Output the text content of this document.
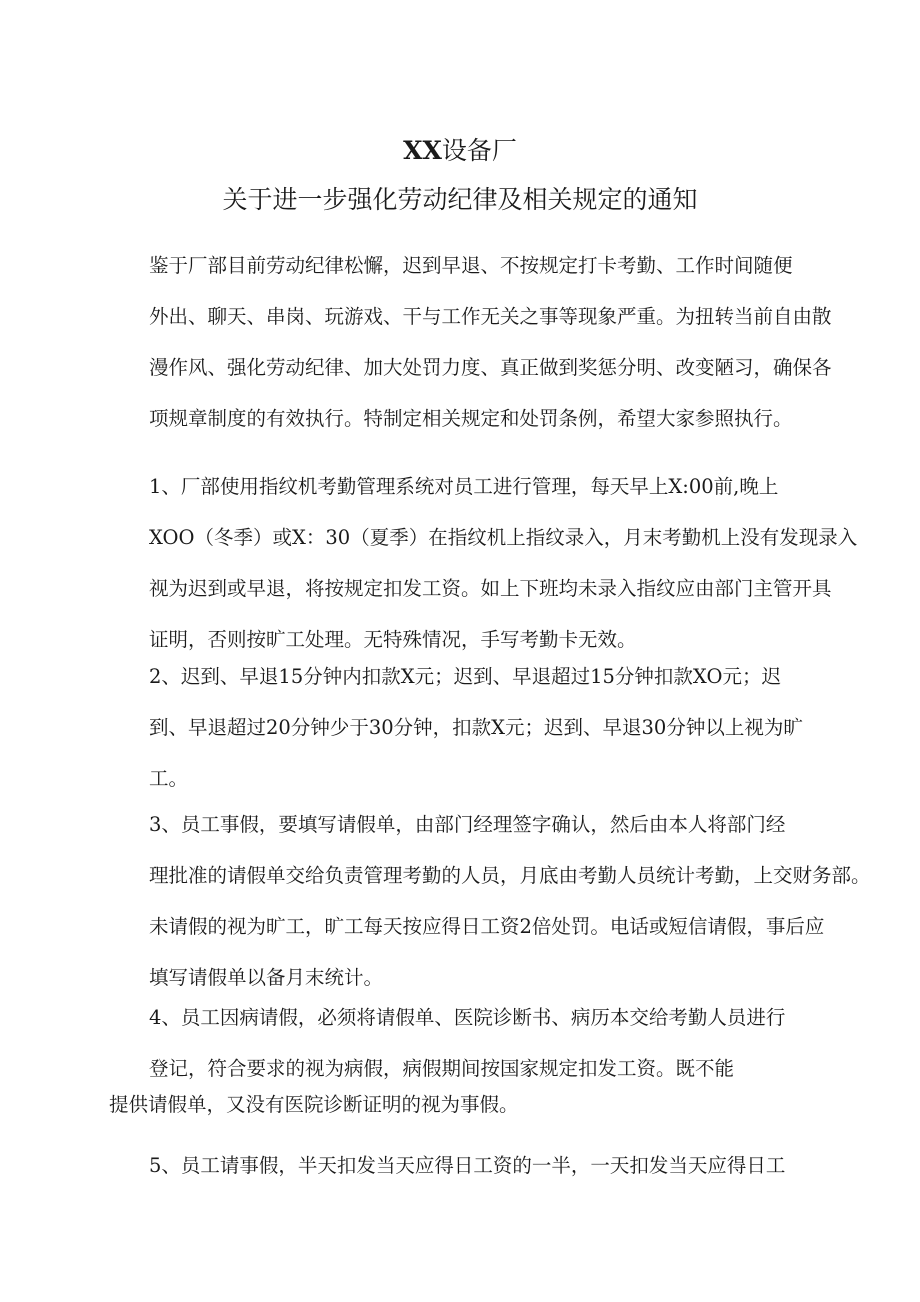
XX设备厂
关于进一步强化劳动纪律及相关规定的通知

鉴于厂部目前劳动纪律松懈，迟到早退、不按规定打卡考勤、工作时间随便
外出、聊天、串岗、玩游戏、干与工作无关之事等现象严重。为扭转当前自由散
漫作风、强化劳动纪律、加大处罚力度、真正做到奖惩分明、改变陋习，确保各
项规章制度的有效执行。特制定相关规定和处罚条例，希望大家参照执行。

1、厂部使用指纹机考勤管理系统对员工进行管理，每天早上X:00前,晚上
XOO（冬季）或X：30（夏季）在指纹机上指纹录入，月末考勤机上没有发现录入
视为迟到或早退，将按规定扣发工资。如上下班均未录入指纹应由部门主管开具
证明，否则按旷工处理。无特殊情况，手写考勤卡无效。

2、迟到、早退15分钟内扣款X元；迟到、早退超过15分钟扣款XO元；迟
到、早退超过20分钟少于30分钟，扣款X元；迟到、早退30分钟以上视为旷
工。

3、员工事假，要填写请假单，由部门经理签字确认，然后由本人将部门经
理批准的请假单交给负责管理考勤的人员，月底由考勤人员统计考勤，上交财务部。
未请假的视为旷工，旷工每天按应得日工资2倍处罚。电话或短信请假，事后应
填写请假单以备月末统计。

4、员工因病请假，必须将请假单、医院诊断书、病历本交给考勤人员进行
登记，符合要求的视为病假，病假期间按国家规定扣发工资。既不能

提供请假单，又没有医院诊断证明的视为事假。

5、员工请事假，半天扣发当天应得日工资的一半，一天扣发当天应得日工
